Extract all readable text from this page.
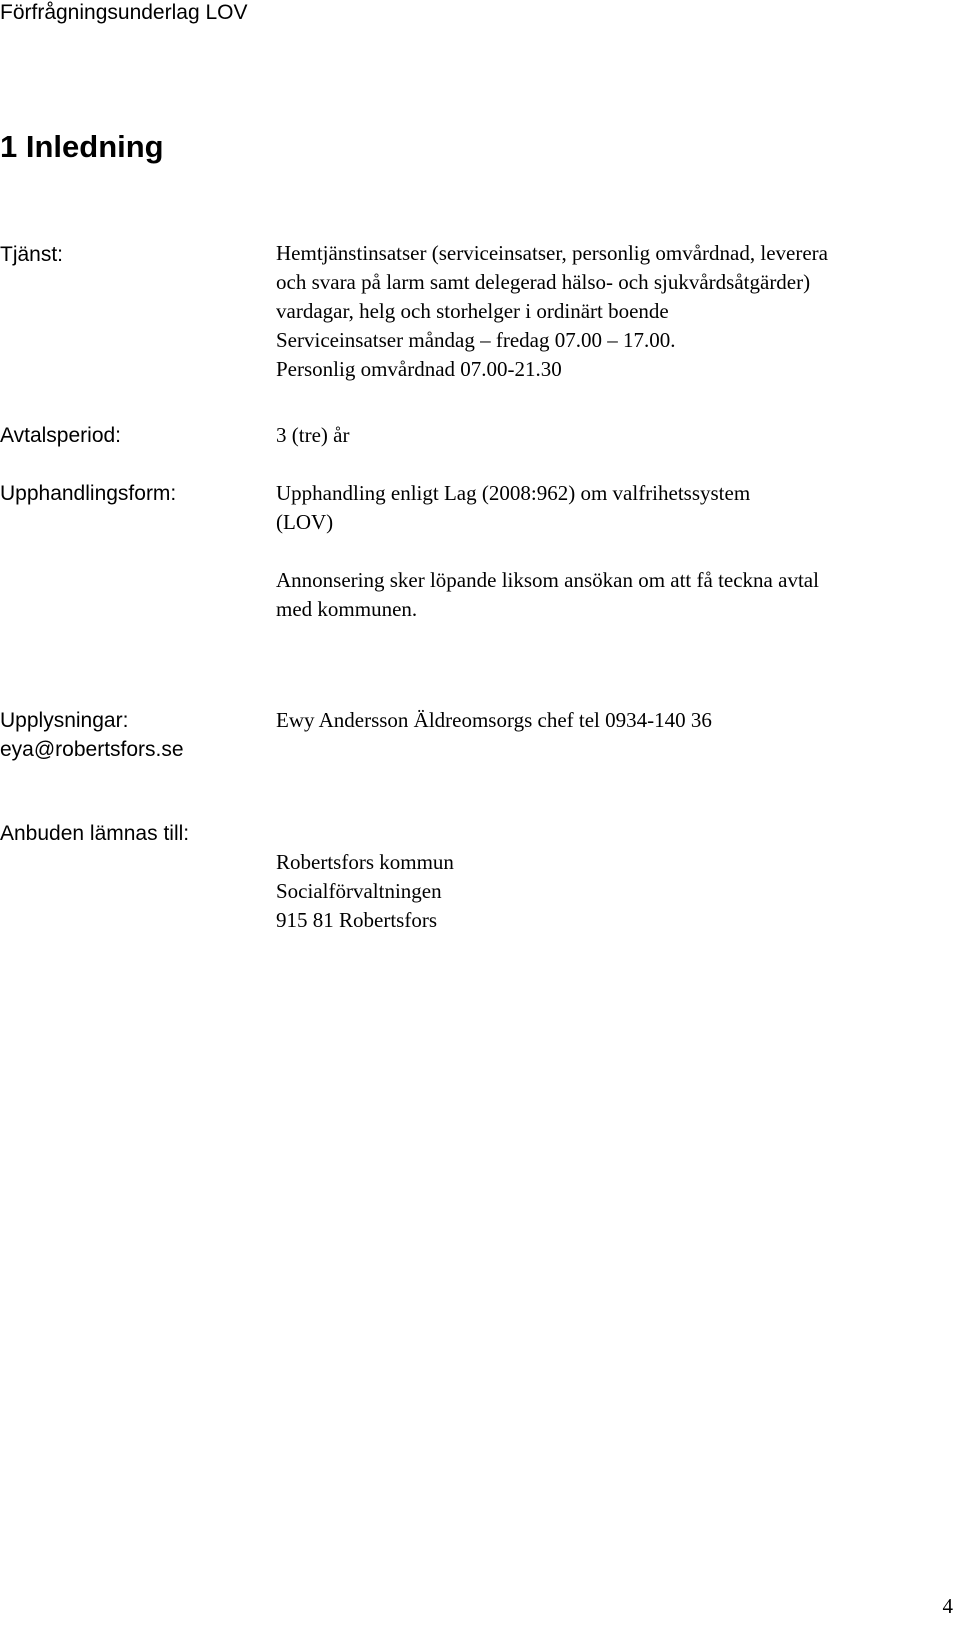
Förfrågningsunderlag LOV
1 Inledning
Tjänst:	Hemtjänstinsatser (serviceinsatser, personlig omvårdnad, leverera
och svara på larm samt delegerad hälso- och sjukvårdsåtgärder)
vardagar, helg och storhelger i ordinärt boende
Serviceinsatser måndag – fredag 07.00 – 17.00.
Personlig omvårdnad 07.00-21.30
Avtalsperiod:	3 (tre) år
Upphandlingsform:	Upphandling enligt Lag (2008:962) om valfrihetssystem
(LOV)
Annonsering sker löpande liksom ansökan om att få teckna avtal
med kommunen.
Upplysningar:	Ewy Andersson Äldreomsorgs chef tel 0934-140 36
eya@robertsfors.se
Anbuden lämnas till:
Robertsfors kommun
Socialförvaltningen
915 81 Robertsfors
4
